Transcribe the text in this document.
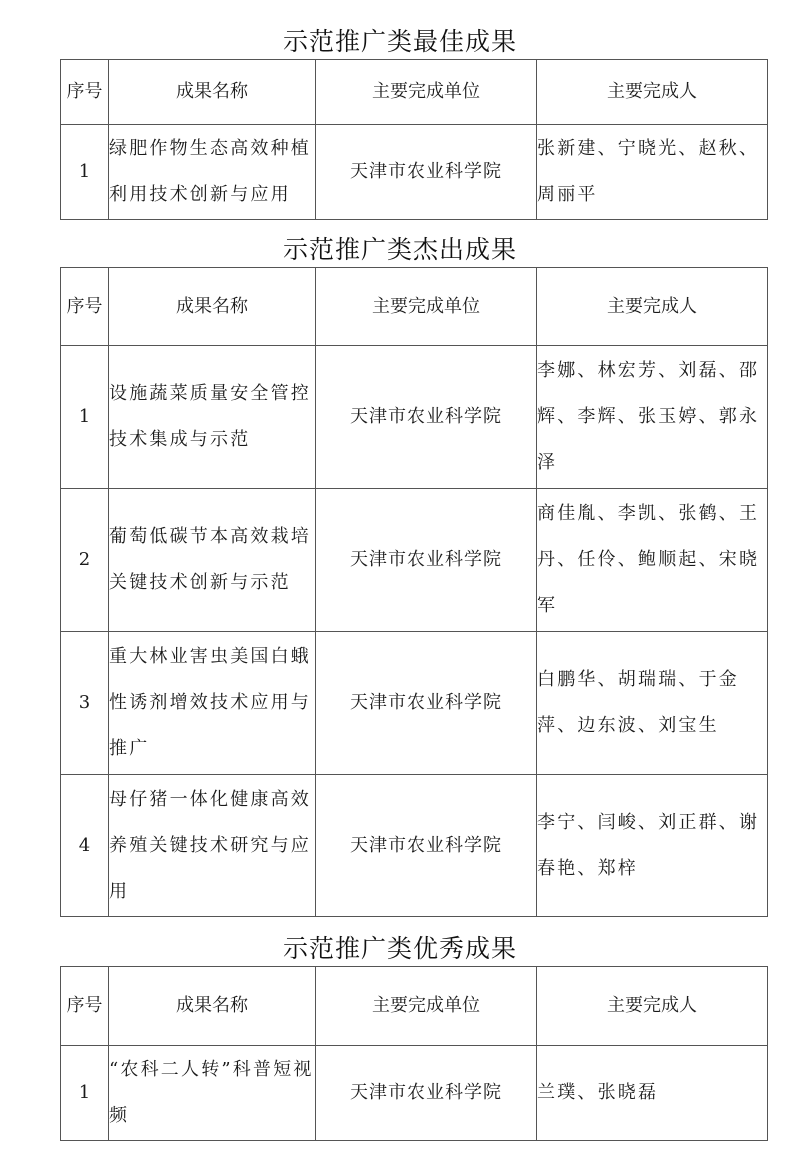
示范推广类最佳成果
序号	成果名称	主要完成单位	主要完成人
1	绿肥作物生态高效种植利用技术创新与应用	天津市农业科学院	张新建、宁晓光、赵秋、周丽平
示范推广类杰出成果
序号	成果名称	主要完成单位	主要完成人
1	设施蔬菜质量安全管控技术集成与示范	天津市农业科学院	李娜、林宏芳、刘磊、邵辉、李辉、张玉婷、郭永泽
2	葡萄低碳节本高效栽培关键技术创新与示范	天津市农业科学院	商佳胤、李凯、张鹤、王丹、任伶、鲍顺起、宋晓军
3	重大林业害虫美国白蛾性诱剂增效技术应用与推广	天津市农业科学院	白鹏华、胡瑞瑞、于金萍、边东波、刘宝生
4	母仔猪一体化健康高效养殖关键技术研究与应用	天津市农业科学院	李宁、闫峻、刘正群、谢春艳、郑梓
示范推广类优秀成果
序号	成果名称	主要完成单位	主要完成人
1	“农科二人转”科普短视频	天津市农业科学院	兰璞、张晓磊
